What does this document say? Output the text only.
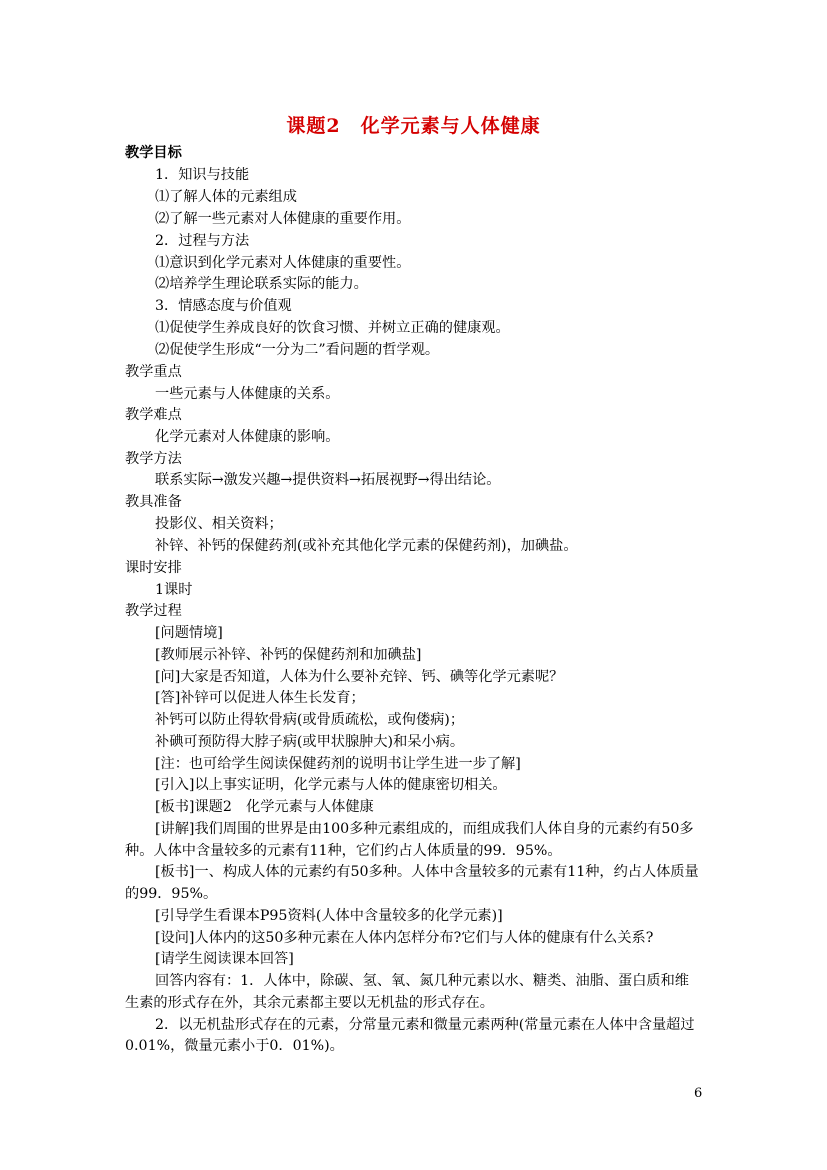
课题2　化学元素与人体健康
教学目标
1．知识与技能
⑴了解人体的元素组成
⑵了解一些元素对人体健康的重要作用。
2．过程与方法
⑴意识到化学元素对人体健康的重要性。
⑵培养学生理论联系实际的能力。
3．情感态度与价值观
⑴促使学生养成良好的饮食习惯、并树立正确的健康观。
⑵促使学生形成“一分为二”看问题的哲学观。
教学重点
一些元素与人体健康的关系。
教学难点
化学元素对人体健康的影响。
教学方法
联系实际→激发兴趣→提供资料→拓展视野→得出结论。
教具准备
投影仪、相关资料；
补锌、补钙的保健药剂(或补充其他化学元素的保健药剂)，加碘盐。
课时安排
1课时
教学过程
[问题情境]
[教师展示补锌、补钙的保健药剂和加碘盐]
[问]大家是否知道，人体为什么要补充锌、钙、碘等化学元素呢？
[答]补锌可以促进人体生长发育；
补钙可以防止得软骨病(或骨质疏松，或佝偻病)；
补碘可预防得大脖子病(或甲状腺肿大)和呆小病。
[注：也可给学生阅读保健药剂的说明书让学生进一步了解]
[引入]以上事实证明，化学元素与人体的健康密切相关。
[板书]课题2　化学元素与人体健康
[讲解]我们周围的世界是由100多种元素组成的，而组成我们人体自身的元素约有50多
种。人体中含量较多的元素有11种，它们约占人体质量的99．95%。
[板书]一、构成人体的元素约有50多种。人体中含量较多的元素有11种，约占人体质量
的99．95%。
[引导学生看课本P95资料(人体中含量较多的化学元素)]
[设问]人体内的这50多种元素在人体内怎样分布?它们与人体的健康有什么关系?
[请学生阅读课本回答]
回答内容有：1．人体中，除碳、氢、氧、氮几种元素以水、糖类、油脂、蛋白质和维
生素的形式存在外，其余元素都主要以无机盐的形式存在。
2．以无机盐形式存在的元素，分常量元素和微量元素两种(常量元素在人体中含量超过
0.01%，微量元素小于0．01%)。
6
